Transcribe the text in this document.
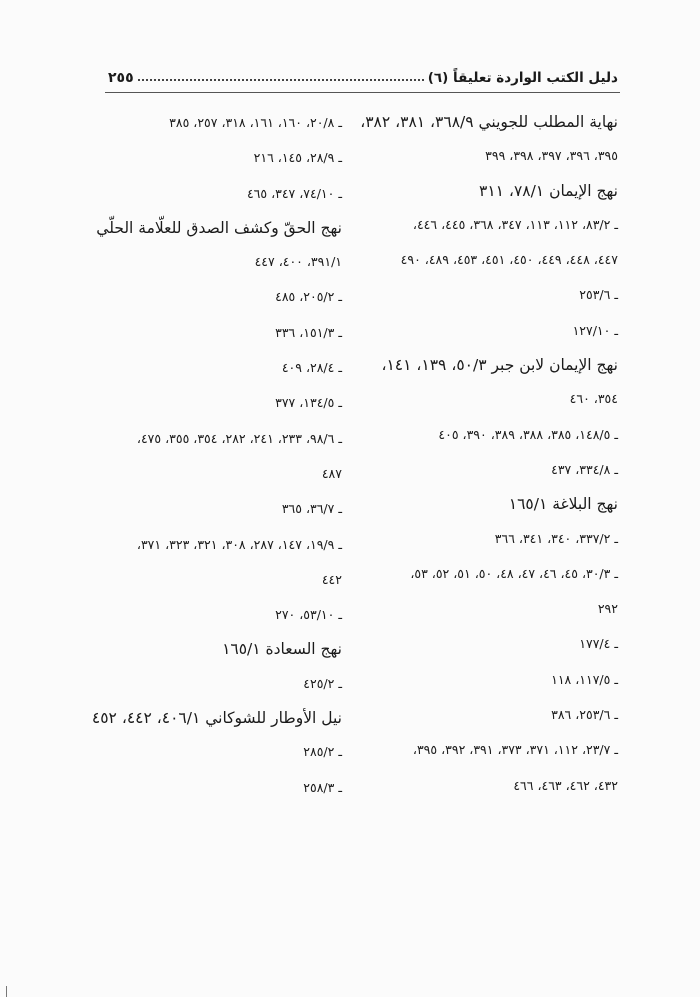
دليل الكتب الواردة تعليقاً (٦)
٢٥٥
نهاية المطلب للجويني ٣٦٨/٩، ٣٨١، ٣٨٢،
٣٩٥، ٣٩٦، ٣٩٧، ٣٩٨، ٣٩٩
نهج الإيمان ٧٨/١، ٣١١
ـ ٨٣/٢، ١١٢، ١١٣، ٣٤٧، ٣٦٨، ٤٤٥، ٤٤٦،
٤٤٧، ٤٤٨، ٤٤٩، ٤٥٠، ٤٥١، ٤٥٣، ٤٨٩، ٤٩٠
ـ ٢٥٣/٦
ـ ١٢٧/١٠
نهج الإيمان لابن جبر ٥٠/٣، ١٣٩، ١٤١،
٣٥٤، ٤٦٠
ـ ١٤٨/٥، ٣٨٥، ٣٨٨، ٣٨٩، ٣٩٠، ٤٠٥
ـ ٣٣٤/٨، ٤٣٧
نهج البلاغة ١٦٥/١
ـ ٣٣٧/٢، ٣٤٠، ٣٤١، ٣٦٦
ـ ٣٠/٣، ٤٥، ٤٦، ٤٧، ٤٨، ٥٠، ٥١، ٥٢، ٥٣،
٢٩٢
ـ ١٧٧/٤
ـ ١١٧/٥، ١١٨
ـ ٢٥٣/٦، ٣٨٦
ـ ٢٣/٧، ١١٢، ٣٧١، ٣٧٣، ٣٩١، ٣٩٢، ٣٩٥،
٤٣٢، ٤٦٢، ٤٦٣، ٤٦٦
ـ ٢٠/٨، ١٦٠، ١٦١، ٣١٨، ٢٥٧، ٣٨٥
ـ ٢٨/٩، ١٤٥، ٢١٦
ـ ٧٤/١٠، ٣٤٧، ٤٦٥
نهج الحقّ وكشف الصدق للعلّامة الحلّي
٣٩١/١، ٤٠٠، ٤٤٧
ـ ٢٠٥/٢، ٤٨٥
ـ ١٥١/٣، ٣٣٦
ـ ٢٨/٤، ٤٠٩
ـ ١٣٤/٥، ٣٧٧
ـ ٩٨/٦، ٢٣٣، ٢٤١، ٢٨٢، ٣٥٤، ٣٥٥، ٤٧٥،
٤٨٧
ـ ٣٦/٧، ٣٦٥
ـ ١٩/٩، ١٤٧، ٢٨٧، ٣٠٨، ٣٢١، ٣٢٣، ٣٧١،
٤٤٢
ـ ٥٣/١٠، ٢٧٠
نهج السعادة ١٦٥/١
ـ ٤٢٥/٢
نيل الأوطار للشوكاني ٤٠٦/١، ٤٤٢، ٤٥٢
ـ ٢٨٥/٢
ـ ٢٥٨/٣
